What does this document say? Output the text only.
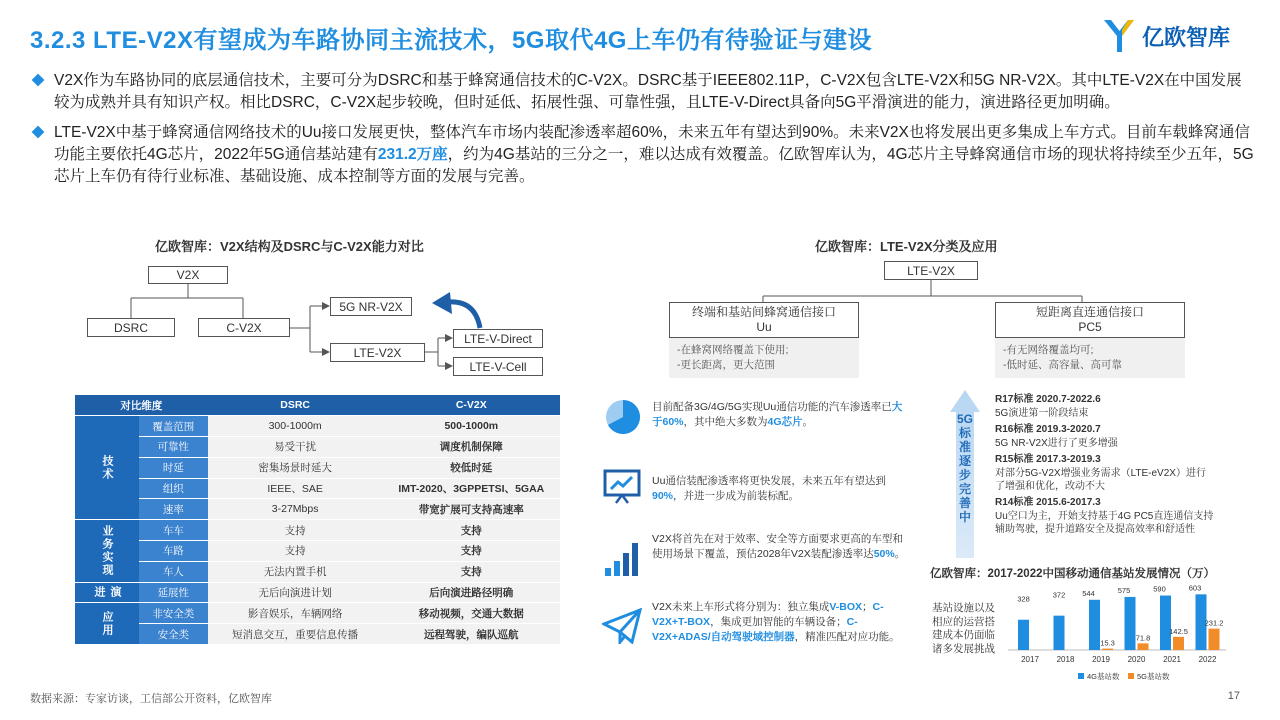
3.2.3 LTE-V2X有望成为车路协同主流技术，5G取代4G上车仍有待验证与建设	亿欧智库
V2X作为车路协同的底层通信技术，主要可分为DSRC和基于蜂窝通信技术的C-V2X。DSRC基于IEEE802.11P，C-V2X包含LTE-V2X和5G NR-V2X。其中LTE-V2X在中国发展较为成熟并具有知识产权。相比DSRC，C-V2X起步较晚，但时延低、拓展性强、可靠性强，且LTE-V-Direct具备向5G平滑演进的能力，演进路径更加明确。
LTE-V2X中基于蜂窝通信网络技术的Uu接口发展更快，整体汽车市场内装配渗透率超60%，未来五年有望达到90%。未来V2X也将发展出更多集成上车方式。目前车载蜂窝通信功能主要依托4G芯片，2022年5G通信基站建有231.2万座，约为4G基站的三分之一，难以达成有效覆盖。亿欧智库认为，4G芯片主导蜂窝通信市场的现状将持续至少五年，5G芯片上车仍有待行业标准、基础设施、成本控制等方面的发展与完善。
亿欧智库：V2X结构及DSRC与C-V2X能力对比	亿欧智库：LTE-V2X分类及应用
V2X
DSRC	C-V2X
5G NR-V2X
LTE-V2X
LTE-V-Direct
LTE-V-Cell
对比维度		DSRC	C-V2X
技术	覆盖范围	300-1000m	500-1000m
	可靠性	易受干扰	调度机制保障
	时延	密集场景时延大	较低时延
	组织	IEEE、SAE	IMT-2020、3GPPETSI、5GAA
	速率	3-27Mbps	带宽扩展可支持高速率
业务实现	车车	支持	支持
	车路	支持	支持
	车人	无法内置手机	支持
演进	延展性	无后向演进计划	后向演进路径明确
应用	非安全类	影音娱乐，车辆网络	移动视频，交通大数据
	安全类	短消息交互，重要信息传播	远程驾驶，编队巡航
LTE-V2X
终端和基站间蜂窝通信接口
Uu
短距离直连通信接口
PC5
-在蜂窝网络覆盖下使用;
-更长距离，更大范围
-有无网络覆盖均可;
-低时延、高容量、高可靠
目前配备3G/4G/5G实现Uu通信功能的汽车渗透率已大于60%，其中绝大多数为4G芯片。
Uu通信装配渗透率将更快发展，未来五年有望达到90%，并进一步成为前装标配。
V2X将首先在对于效率、安全等方面要求更高的车型和使用场景下覆盖，预估2028年V2X装配渗透率达50%。
V2X未来上车形式将分别为：独立集成V-BOX；C-V2X+T-BOX，集成更加智能的车辆设备；C-V2X+ADAS/自动驾驶域控制器，精准匹配对应功能。
5G标准逐步完善中
R17标准 2020.7-2022.6
5G演进第一阶段结束
R16标准 2019.3-2020.7
5G NR-V2X进行了更多增强
R15标准 2017.3-2019.3
对部分5G-V2X增强业务需求（LTE-eV2X）进行了增强和优化，改动不大
R14标准 2015.6-2017.3
Uu空口为主，开始支持基于4G PC5直连通信支持辅助驾驶，提升道路安全及提高效率和舒适性
亿欧智库：2017-2022中国移动通信基站发展情况（万）
基站设施以及相应的运营搭建成本仍面临诸多发展挑战
328
2017
372
2018
544
15.3
2019
575
71.8
2020
590
142.5
2021
603
231.2
2022
4G基站数 5G基站数
数据来源：专家访谈，工信部公开资料，亿欧智库	17
